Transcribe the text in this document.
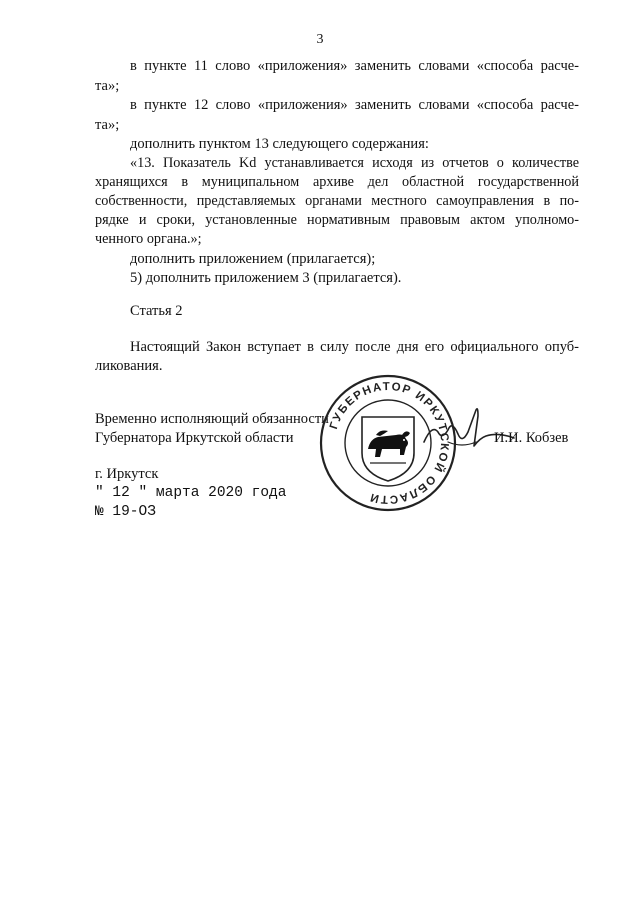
3
в пункте 11 слово «приложения» заменить словами «способа расче-
та»;
в пункте 12 слово «приложения» заменить словами «способа расче-
та»;
дополнить пунктом 13 следующего содержания:
«13. Показатель Kd устанавливается исходя из отчетов о количестве
хранящихся в муниципальном архиве дел областной государственной
собственности, представляемых органами местного самоуправления в по-
рядке и сроки, установленные нормативным правовым актом уполномо-
ченного органа.»;
дополнить приложением (прилагается);
5) дополнить приложением 3 (прилагается).
Статья 2
Настоящий Закон вступает в силу после дня его официального опуб-
ликования.
Временно исполняющий обязанности
Губернатора Иркутской области
ГУБЕРНАТОР ИРКУТСКОЙ ОБЛАСТИ
И.И. Кобзев
г. Иркутск
" 12 " марта 2020 года
№ 19-ОЗ
